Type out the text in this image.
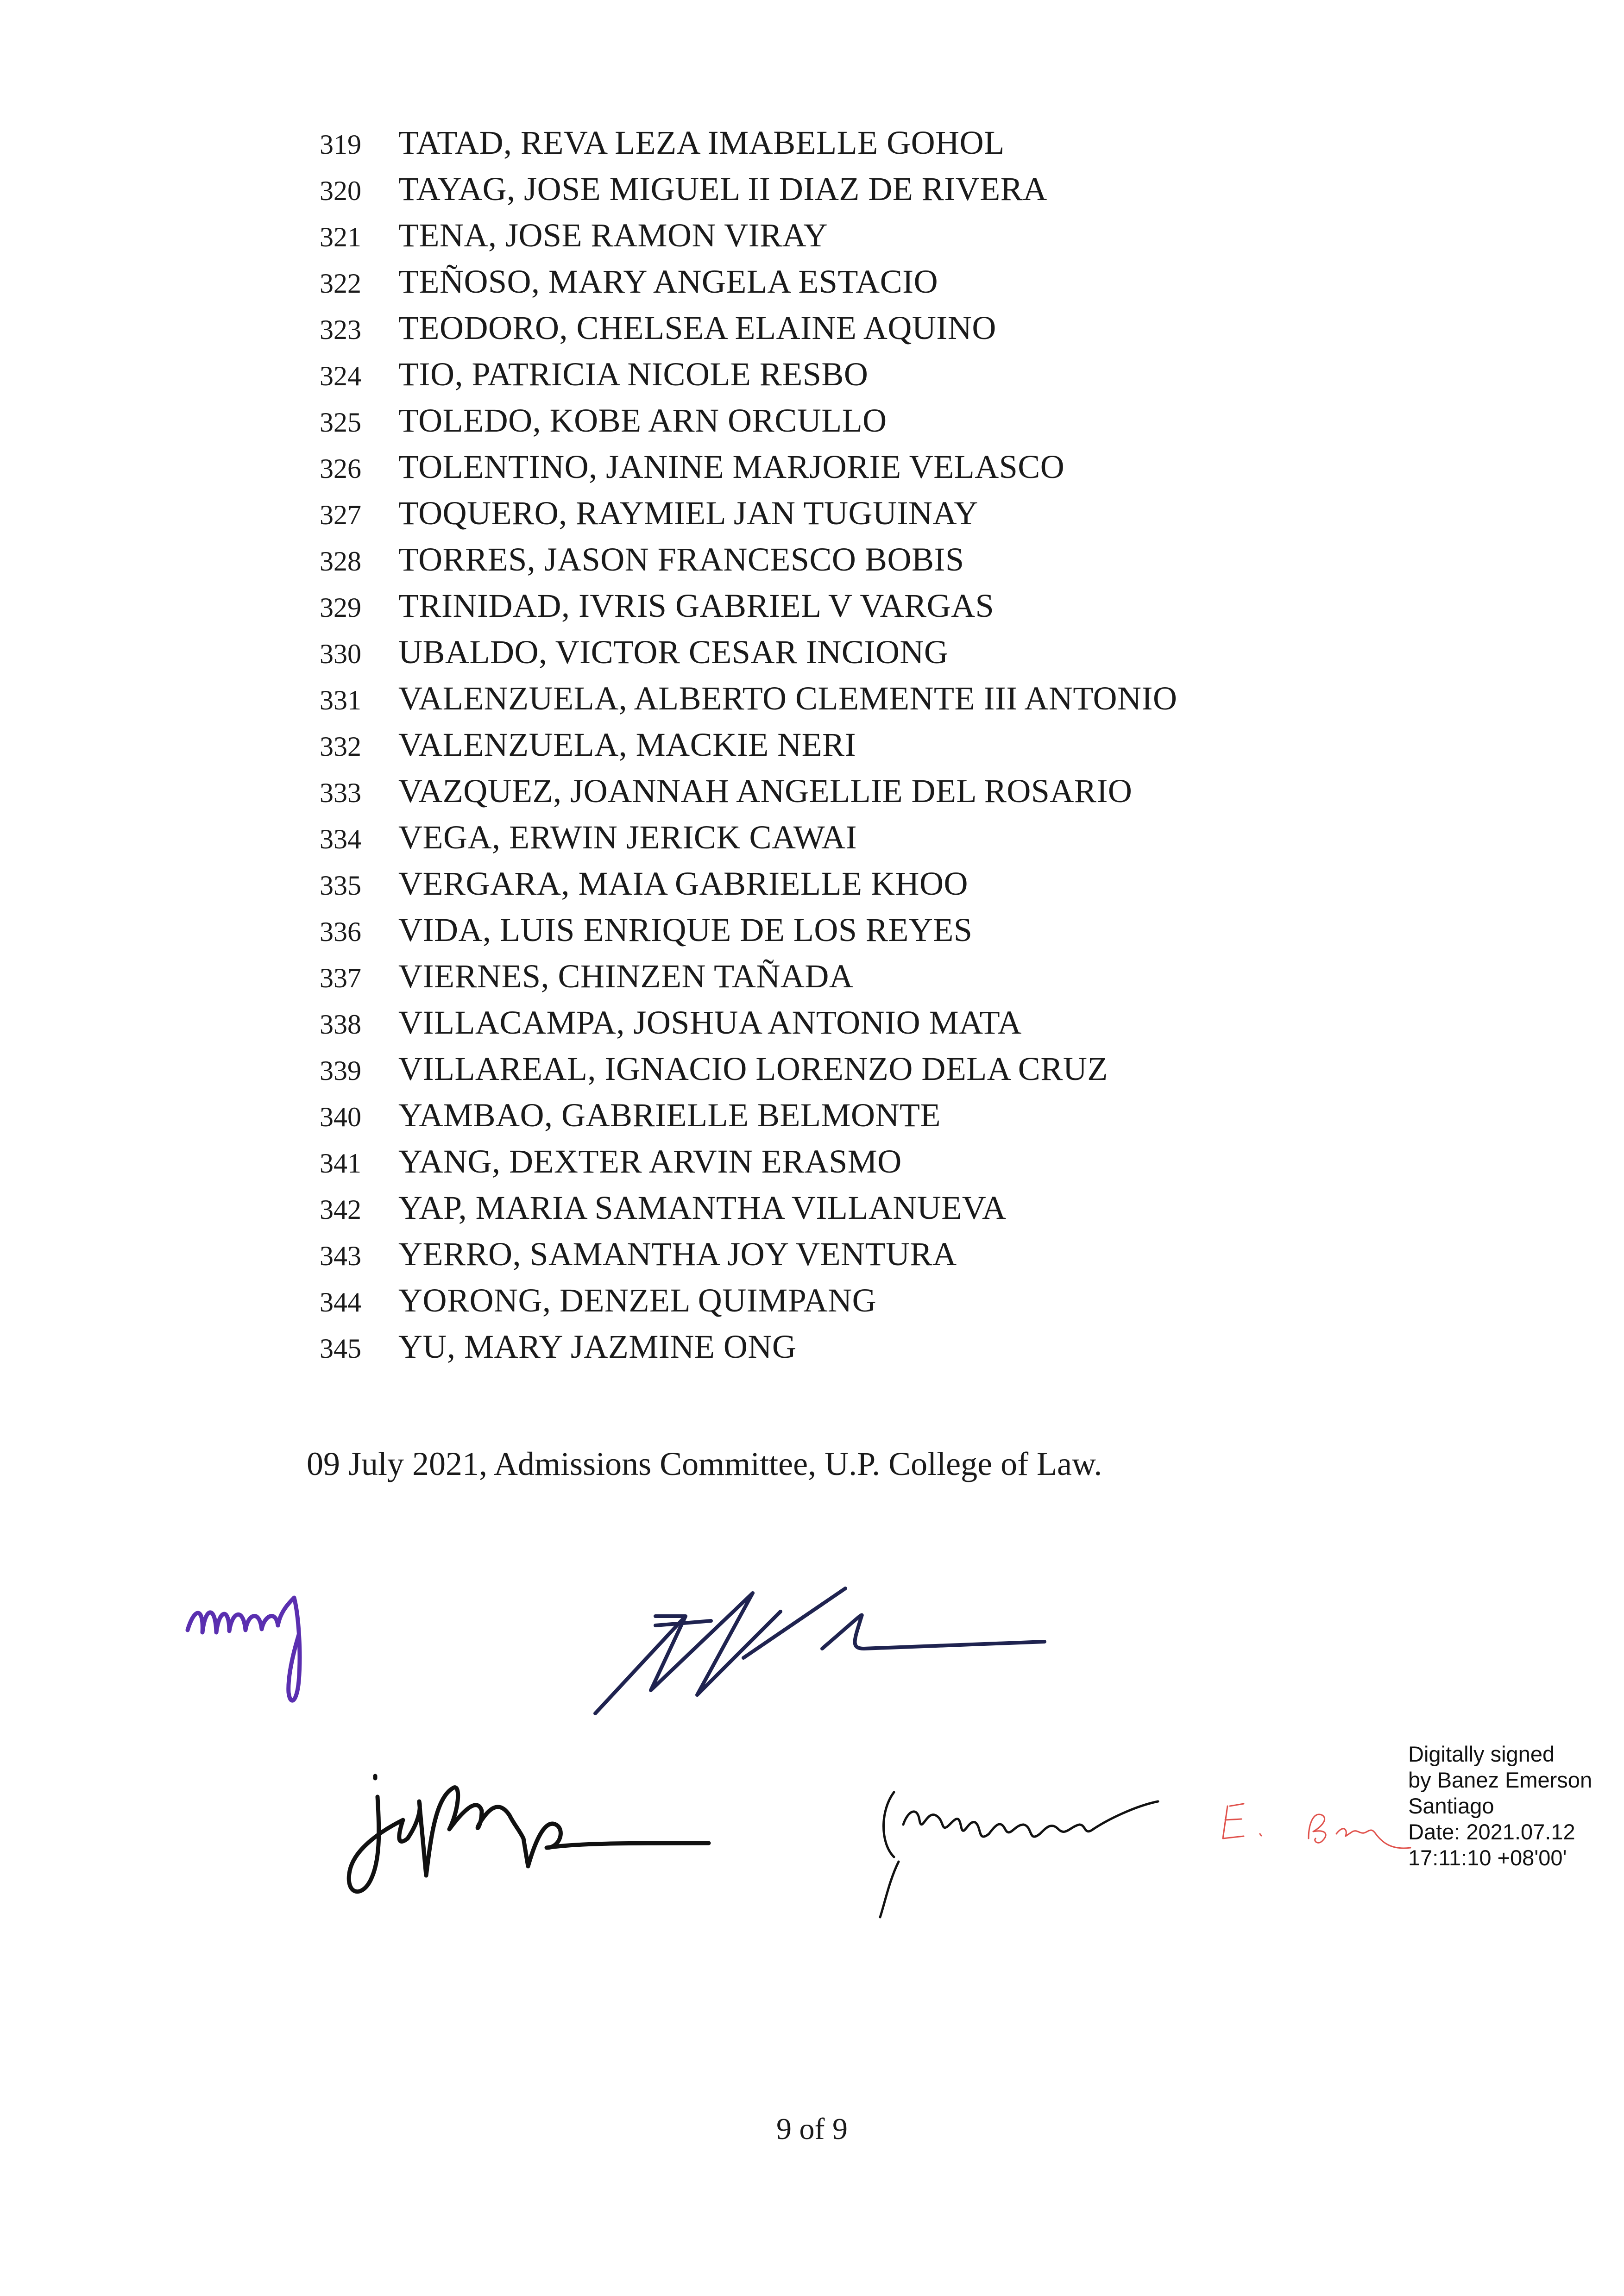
319	TATAD, REVA LEZA IMABELLE GOHOL
320	TAYAG, JOSE MIGUEL II DIAZ DE RIVERA
321	TENA, JOSE RAMON VIRAY
322	TEÑOSO, MARY ANGELA ESTACIO
323	TEODORO, CHELSEA ELAINE AQUINO
324	TIO, PATRICIA NICOLE RESBO
325	TOLEDO, KOBE ARN ORCULLO
326	TOLENTINO, JANINE MARJORIE VELASCO
327	TOQUERO, RAYMIEL JAN TUGUINAY
328	TORRES, JASON FRANCESCO BOBIS
329	TRINIDAD, IVRIS GABRIEL V VARGAS
330	UBALDO, VICTOR CESAR INCIONG
331	VALENZUELA, ALBERTO CLEMENTE III ANTONIO
332	VALENZUELA, MACKIE NERI
333	VAZQUEZ, JOANNAH ANGELLIE DEL ROSARIO
334	VEGA, ERWIN JERICK CAWAI
335	VERGARA, MAIA GABRIELLE KHOO
336	VIDA, LUIS ENRIQUE DE LOS REYES
337	VIERNES, CHINZEN TAÑADA
338	VILLACAMPA, JOSHUA ANTONIO MATA
339	VILLAREAL, IGNACIO LORENZO DELA CRUZ
340	YAMBAO, GABRIELLE BELMONTE
341	YANG, DEXTER ARVIN ERASMO
342	YAP, MARIA SAMANTHA VILLANUEVA
343	YERRO, SAMANTHA JOY VENTURA
344	YORONG, DENZEL QUIMPANG
345	YU, MARY JAZMINE ONG
09 July 2021, Admissions Committee, U.P. College of Law.
Digitally signed
by Banez Emerson
Santiago
Date: 2021.07.12
17:11:10 +08'00'
9 of 9
